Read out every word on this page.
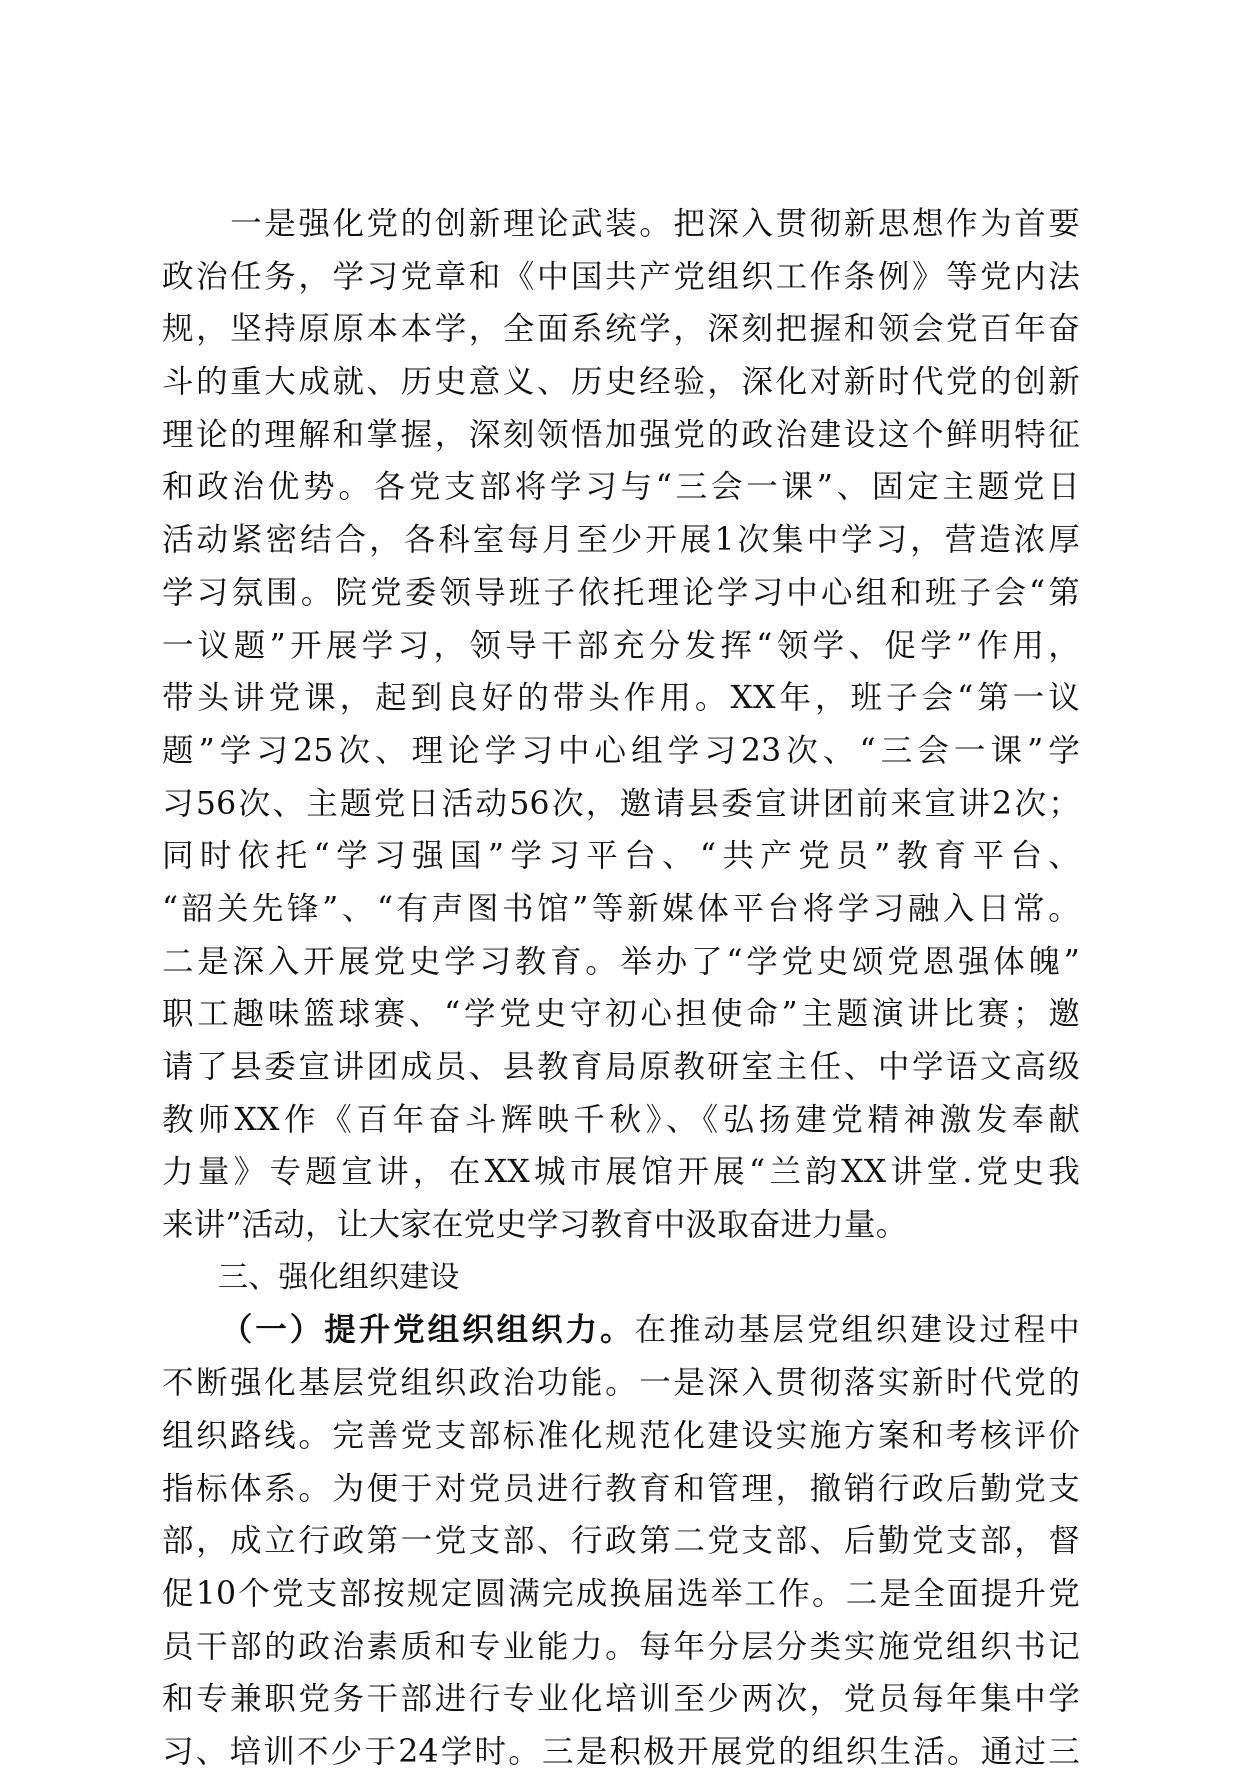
　　一是强化党的创新理论武装。把深入贯彻新思想作为首要
政治任务，学习党章和《中国共产党组织工作条例》等党内法
规，坚持原原本本学，全面系统学，深刻把握和领会党百年奋
斗的重大成就、历史意义、历史经验，深化对新时代党的创新
理论的理解和掌握，深刻领悟加强党的政治建设这个鲜明特征
和政治优势。各党支部将学习与“三会一课”、固定主题党日
活动紧密结合，各科室每月至少开展1次集中学习，营造浓厚
学习氛围。院党委领导班子依托理论学习中心组和班子会“第
一议题”开展学习，领导干部充分发挥“领学、促学”作用，
带头讲党课，起到良好的带头作用。XX年，班子会“第一议
题”学习25次、理论学习中心组学习23次、“三会一课”学
习56次、主题党日活动56次，邀请县委宣讲团前来宣讲2次；
同时依托“学习强国”学习平台、“共产党员”教育平台、
“韶关先锋”、“有声图书馆”等新媒体平台将学习融入日常。
二是深入开展党史学习教育。举办了“学党史颂党恩强体魄”
职工趣味篮球赛、“学党史守初心担使命”主题演讲比赛；邀
请了县委宣讲团成员、县教育局原教研室主任、中学语文高级
教师XX作《百年奋斗辉映千秋》、《弘扬建党精神激发奉献
力量》专题宣讲，在XX城市展馆开展“兰韵XX讲堂.党史我
来讲”活动，让大家在党史学习教育中汲取奋进力量。
三、强化组织建设
（一）提升党组织组织力。在推动基层党组织建设过程中
不断强化基层党组织政治功能。一是深入贯彻落实新时代党的
组织路线。完善党支部标准化规范化建设实施方案和考核评价
指标体系。为便于对党员进行教育和管理，撤销行政后勤党支
部，成立行政第一党支部、行政第二党支部、后勤党支部，督
促10个党支部按规定圆满完成换届选举工作。二是全面提升党
员干部的政治素质和专业能力。每年分层分类实施党组织书记
和专兼职党务干部进行专业化培训至少两次，党员每年集中学
习、培训不少于24学时。三是积极开展党的组织生活。通过三
